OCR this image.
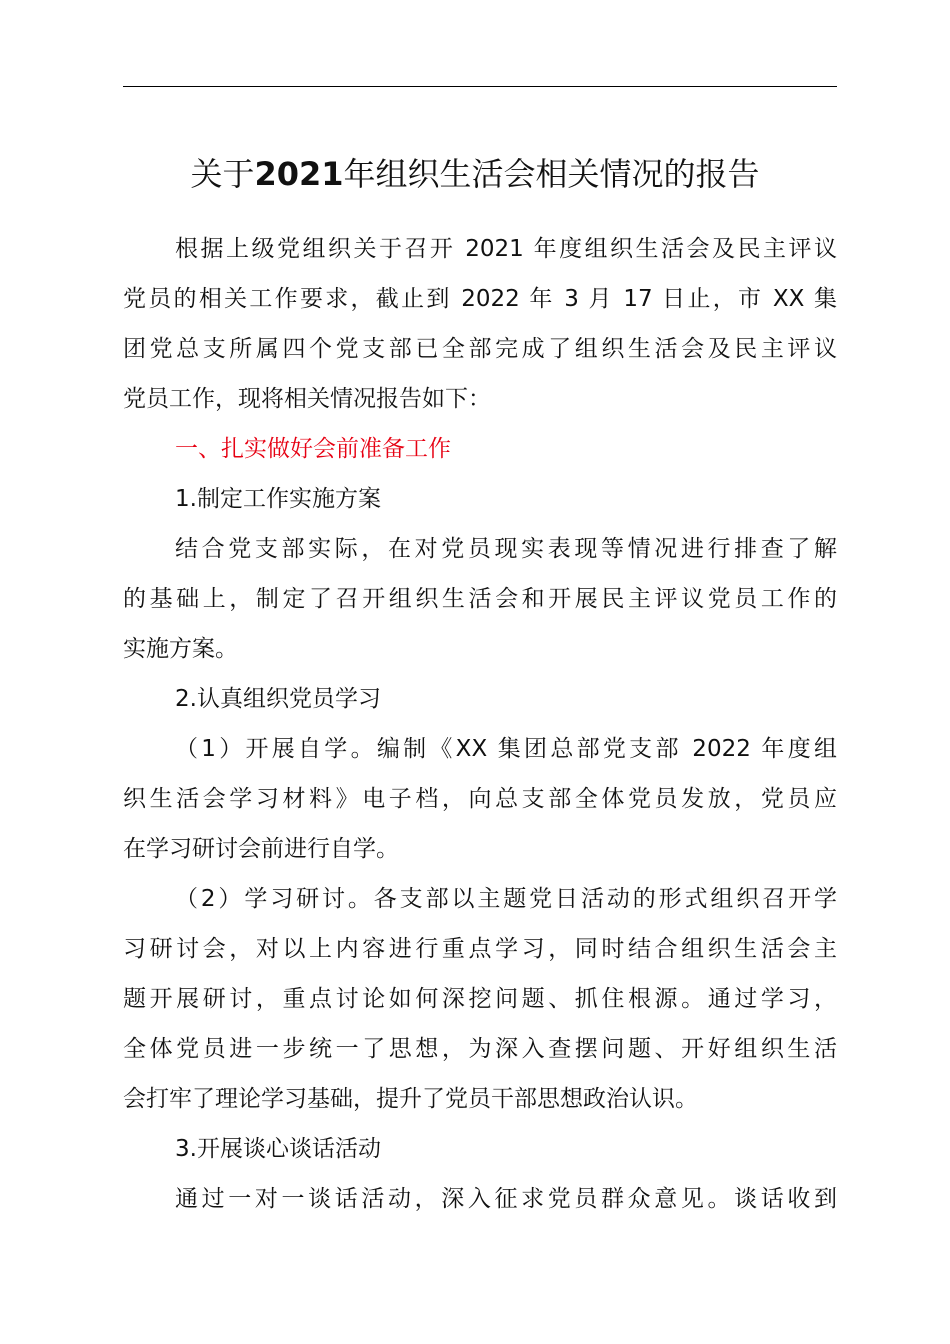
关于2021年组织生活会相关情况的报告
根据上级党组织关于召开 2021 年度组织生活会及民主评议
党员的相关工作要求，截止到 2022 年 3 月 17 日止，市 XX 集
团党总支所属四个党支部已全部完成了组织生活会及民主评议
党员工作，现将相关情况报告如下：
一、扎实做好会前准备工作
1.制定工作实施方案
结合党支部实际，在对党员现实表现等情况进行排查了解
的基础上，制定了召开组织生活会和开展民主评议党员工作的
实施方案。
2.认真组织党员学习
（1）开展自学。编制《XX 集团总部党支部 2022 年度组
织生活会学习材料》电子档，向总支部全体党员发放，党员应
在学习研讨会前进行自学。
（2）学习研讨。各支部以主题党日活动的形式组织召开学
习研讨会，对以上内容进行重点学习，同时结合组织生活会主
题开展研讨，重点讨论如何深挖问题、抓住根源。通过学习，
全体党员进一步统一了思想，为深入查摆问题、开好组织生活
会打牢了理论学习基础，提升了党员干部思想政治认识。
3.开展谈心谈话活动
通过一对一谈话活动，深入征求党员群众意见。谈话收到
